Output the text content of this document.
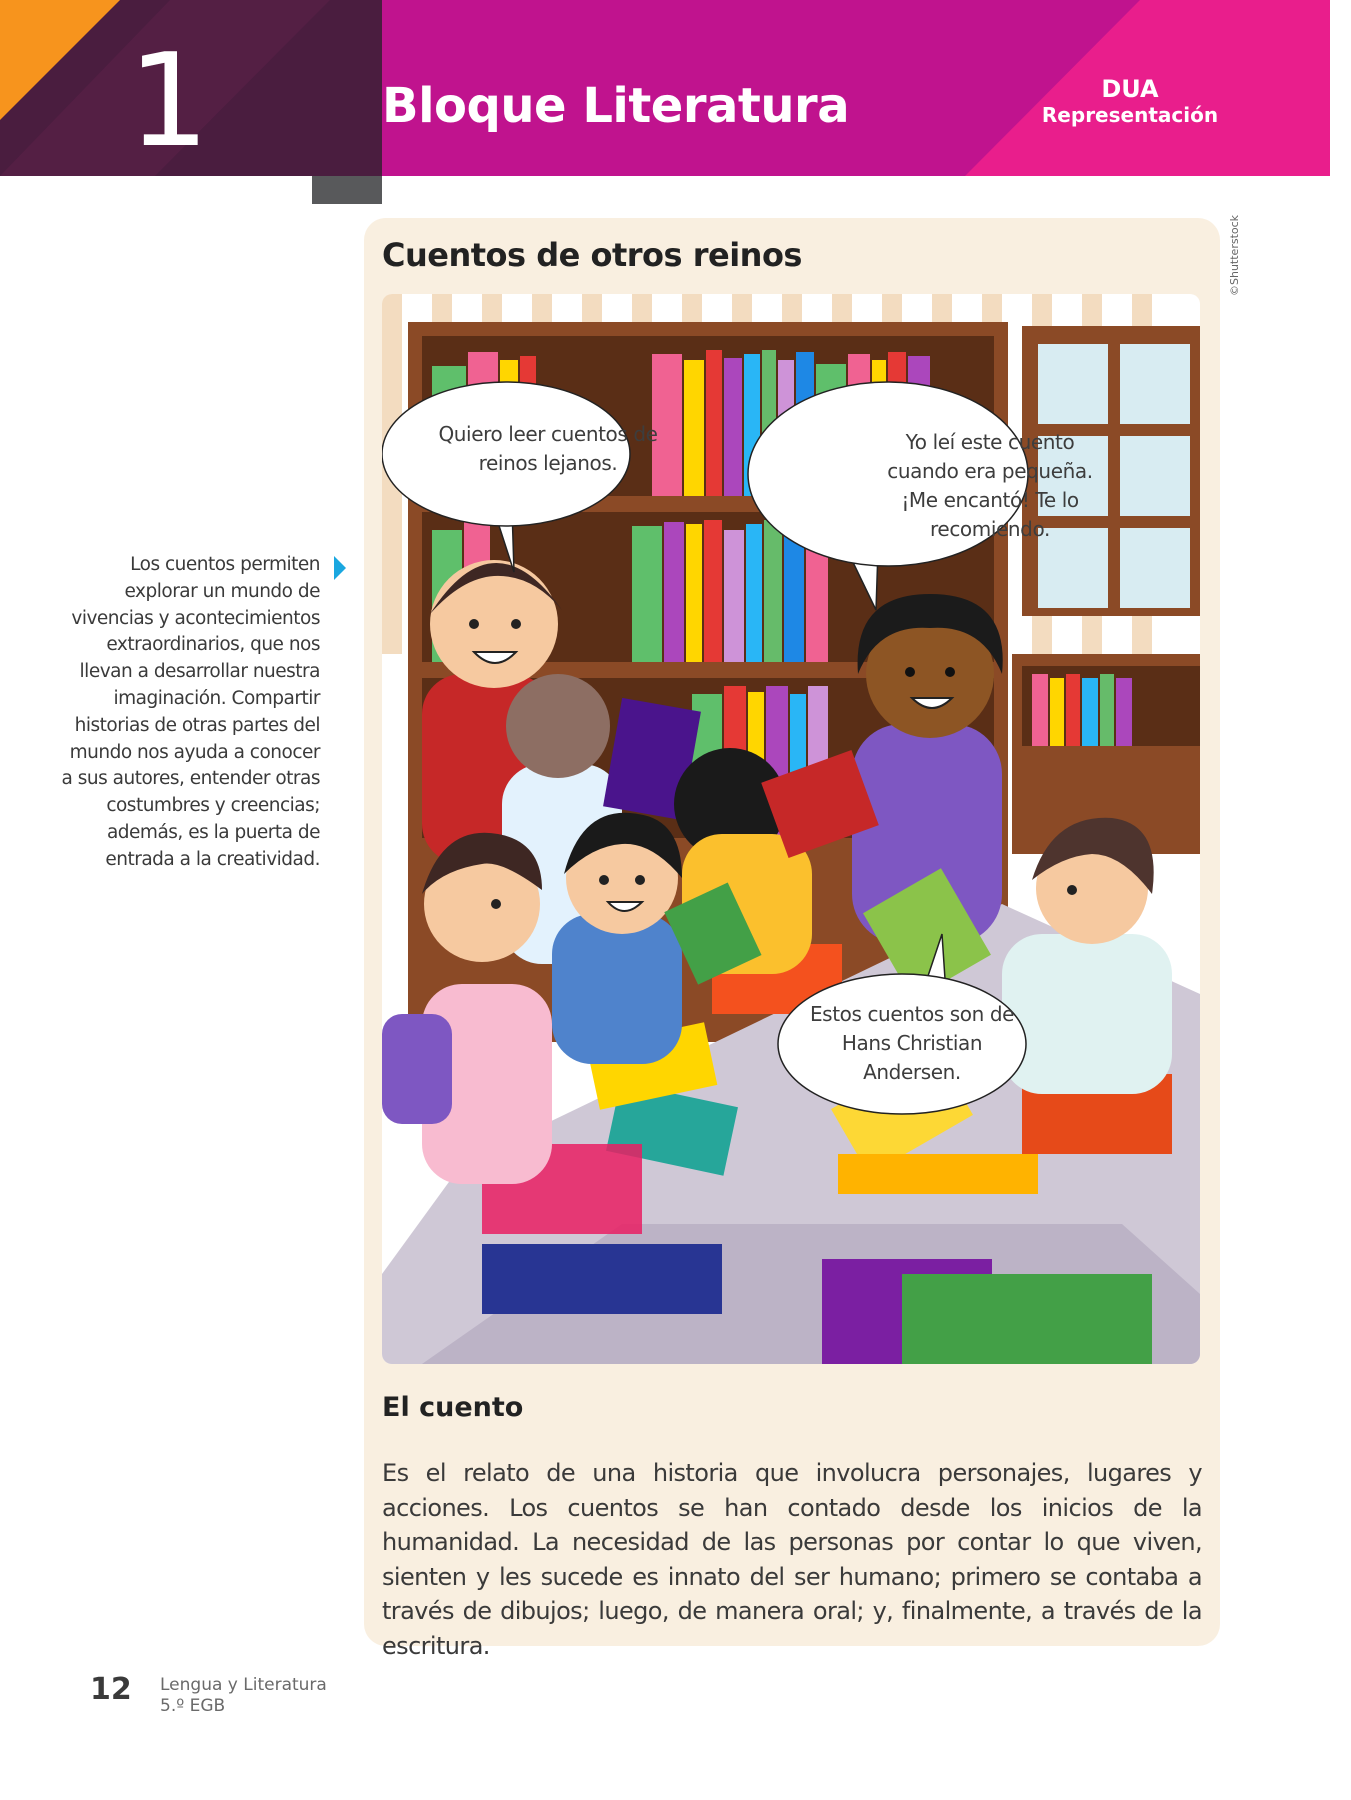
1	Bloque Literatura	DUA
Representación

Los cuentos permiten explorar un mundo de vivencias y acontecimientos extraordinarios, que nos llevan a desarrollar nuestra imaginación. Compartir historias de otras partes del mundo nos ayuda a conocer a sus autores, entender otras costumbres y creencias; además, es la puerta de entrada a la creatividad.

Cuentos de otros reinos	©Shutterstock
Quiero leer cuentos de reinos lejanos.
Yo leí este cuento cuando era pequeña. ¡Me encantó! Te lo recomiendo.
Estos cuentos son de Hans Christian Andersen.
El cuento

Es el relato de una historia que involucra personajes, lugares y acciones. Los cuentos se han contado desde los inicios de la humanidad. La necesidad de las personas por contar lo que viven, sienten y les sucede es innato del ser humano; primero se contaba a través de dibujos; luego, de manera oral; y, finalmente, a través de la escritura.

12 Lengua y Literatura
5.º EGB
